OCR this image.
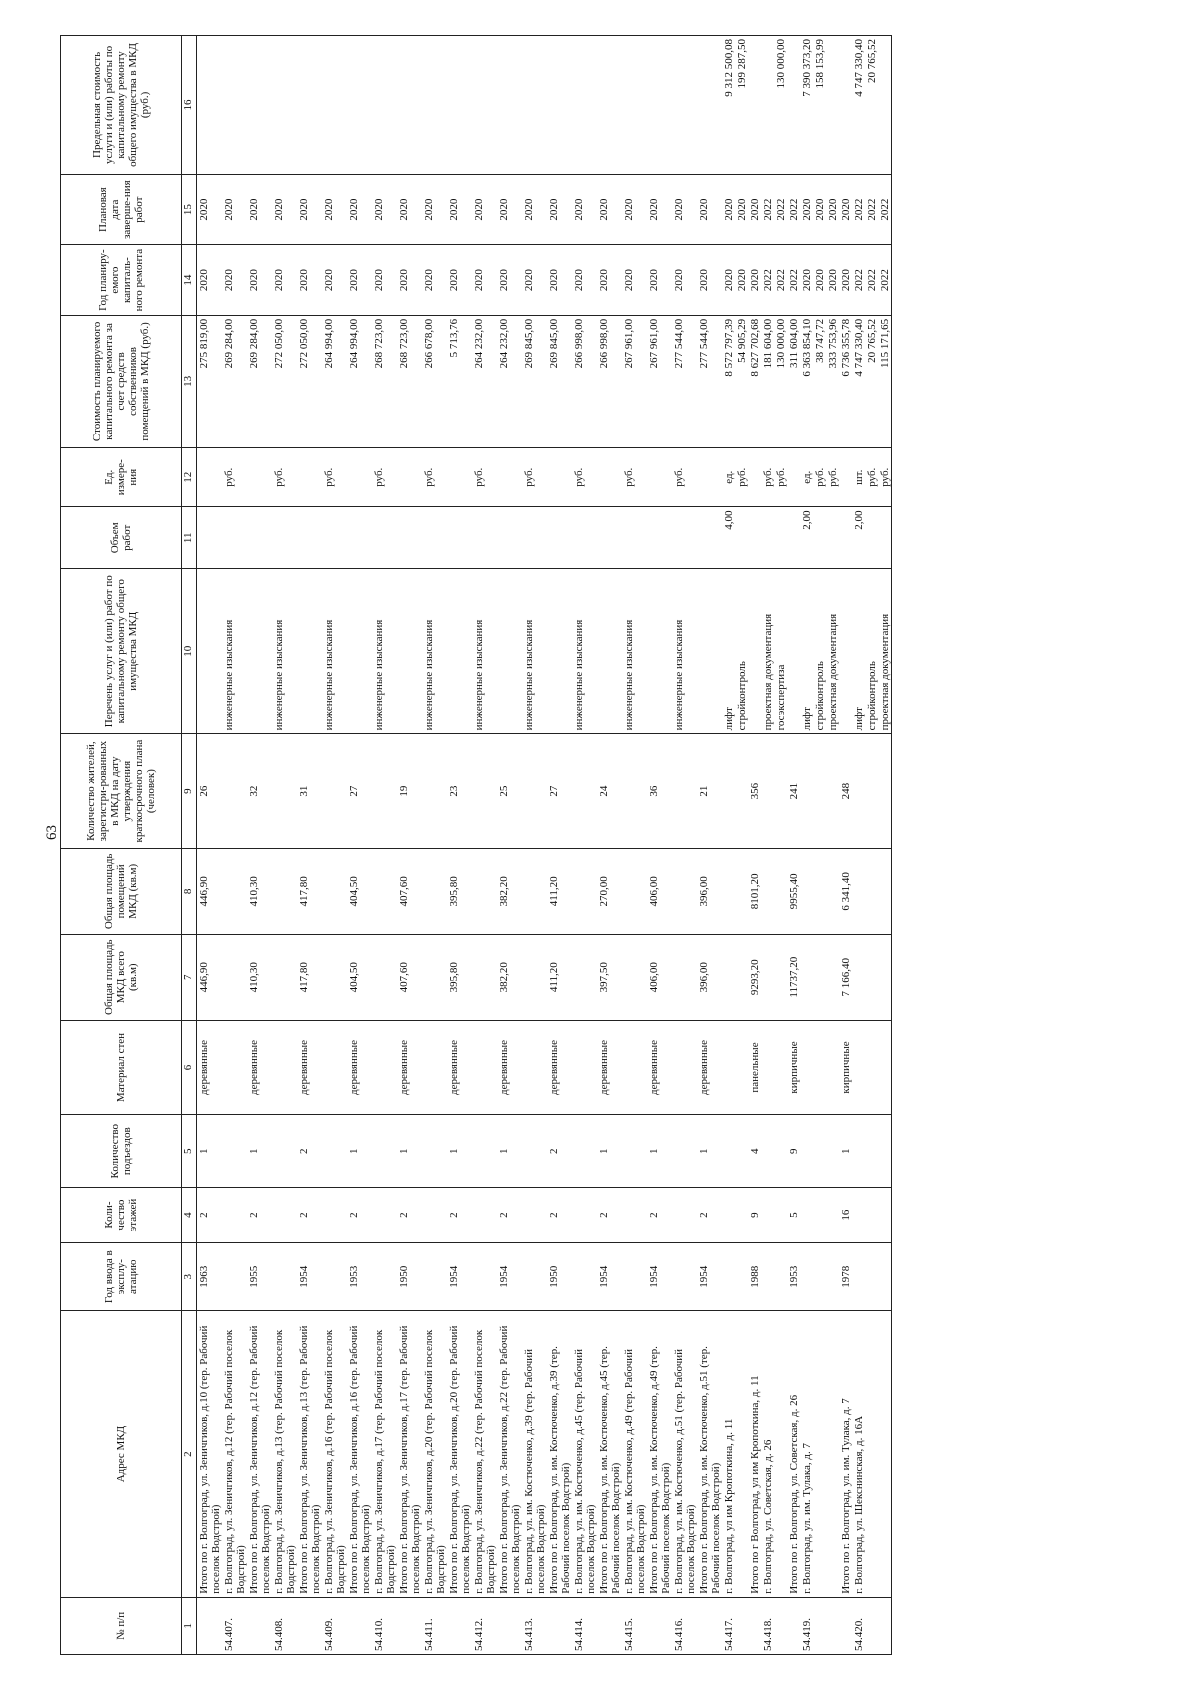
63
№ п/п	Адрес МКД	Год ввода в эксплу-атацию	Коли-чество этажей	Количество подъездов	Материал стен	Общая площадь МКД всего (кв.м)	Общая площадь помещений МКД (кв.м)	Количество жителей, зарегистри-рованных в МКД на дату утверждения краткосрочного плана (человек)	Перечень услуг и (или) работ по капитальному ремонту общего имущества МКД	Объем работ	Ед. измере-ния	Стоимость планируемого капитального ремонта за счет средств собственников помещений в МКД (руб.)	Год планиру-емого капиталь-ного ремонта	Плановая дата заверше-ния работ	Предельная стоимость услуги и (или) работы по капитальному ремонту общего имущества в МКД (руб.)
1	2	3	4	5	6	7	8	9	10	11	12	13	14	15	16
	Итого по г. Волгоград, ул. Зеничгиков, д.10 (тер. Рабочий поселок Водстрой)	1963	2	1	деревянные	446,90	446,90	26				275 819,00	2020	2020	
54.407.	г. Волгоград, ул. Зеничгиков, д.12 (тер. Рабочий поселок Водстрой)								инженерные изыскания		руб.	269 284,00	2020	2020	
	Итого по г. Волгоград, ул. Зеничгиков, д.12 (тер. Рабочий поселок Водстрой)	1955	2	1	деревянные	410,30	410,30	32				269 284,00	2020	2020	
54.408.	г. Волгоград, ул. Зеничгиков, д.13 (тер. Рабочий поселок Водстрой)								инженерные изыскания		руб.	272 050,00	2020	2020	
	Итого по г. Волгоград, ул. Зеничгиков, д.13 (тер. Рабочий поселок Водстрой)	1954	2	2	деревянные	417,80	417,80	31				272 050,00	2020	2020	
54.409.	г. Волгоград, ул. Зеничгиков, д.16 (тер. Рабочий поселок Водстрой)								инженерные изыскания		руб.	264 994,00	2020	2020	
	Итого по г. Волгоград, ул. Зеничгиков, д.16 (тер. Рабочий поселок Водстрой)	1953	2	1	деревянные	404,50	404,50	27				264 994,00	2020	2020	
54.410.	г. Волгоград, ул. Зеничгиков, д.17 (тер. Рабочий поселок Водстрой)								инженерные изыскания		руб.	268 723,00	2020	2020	
	Итого по г. Волгоград, ул. Зеничгиков, д.17 (тер. Рабочий поселок Водстрой)	1950	2	1	деревянные	407,60	407,60	19				268 723,00	2020	2020	
54.411.	г. Волгоград, ул. Зеничгиков, д.20 (тер. Рабочий поселок Водстрой)								инженерные изыскания		руб.	266 678,00	2020	2020	
	Итого по г. Волгоград, ул. Зеничгиков, д.20 (тер. Рабочий поселок Водстрой)	1954	2	1	деревянные	395,80	395,80	23				5 713,76	2020	2020	
54.412.	г. Волгоград, ул. Зеничгиков, д.22 (тер. Рабочий поселок Водстрой)								инженерные изыскания		руб.	264 232,00	2020	2020	
	Итого по г. Волгоград, ул. Зеничгиков, д.22 (тер. Рабочий поселок Водстрой)	1954	2	1	деревянные	382,20	382,20	25				264 232,00	2020	2020	
54.413.	г. Волгоград, ул. им. Костюченко, д.39 (тер. Рабочий поселок Водстрой)								инженерные изыскания		руб.	269 845,00	2020	2020	
	Итого по г. Волгоград, ул. им. Костюченко, д.39 (тер. Рабочий поселок Водстрой)	1950	2	2	деревянные	411,20	411,20	27				269 845,00	2020	2020	
54.414.	г. Волгоград, ул. им. Костюченко, д.45 (тер. Рабочий поселок Водстрой)								инженерные изыскания		руб.	266 998,00	2020	2020	
	Итого по г. Волгоград, ул. им. Костюченко, д.45 (тер. Рабочий поселок Водстрой)	1954	2	1	деревянные	397,50	270,00	24				266 998,00	2020	2020	
54.415.	г. Волгоград, ул. им. Костюченко, д.49 (тер. Рабочий поселок Водстрой)								инженерные изыскания		руб.	267 961,00	2020	2020	
	Итого по г. Волгоград, ул. им. Костюченко, д.49 (тер. Рабочий поселок Водстрой)	1954	2	1	деревянные	406,00	406,00	36				267 961,00	2020	2020	
54.416.	г. Волгоград, ул. им. Костюченко, д.51 (тер. Рабочий поселок Водстрой)								инженерные изыскания		руб.	277 544,00	2020	2020	
	Итого по г. Волгоград, ул. им. Костюченко, д.51 (тер. Рабочий поселок Водстрой)	1954	2	1	деревянные	396,00	396,00	21				277 544,00	2020	2020	
54.417.	г. Волгоград, ул им Кропоткина, д. 11								лифт	4,00	ед.	8 572 797,39	2020	2020	9 312 500,08
									стройконтроль		руб.	54 905,29	2020	2020	199 287,50
	Итого по г Волгоград, ул им Кропоткина, д. 11	1988	9	4	панельные	9293,20	8101,20	356				8 627 702,68	2020	2020	
54.418.	г. Волгоград, ул. Советская, д. 26								проектная документация		руб.	181 604,00	2022	2022	
									госэкспертиза		руб.	130 000,00	2022	2022	130 000,00
	Итого по г. Волгоград, ул. Советская, д. 26	1953	5	9	кирпичные	11737,20	9955,40	241				311 604,00	2022	2022	
54.419.	г. Волгоград, ул. им. Тулака, д. 7								лифт	2,00	ед.	6 363 854,10	2020	2020	7 390 373,20
									стройконтроль		руб.	38 747,72	2020	2020	158 153,99
									проектная документация		руб.	333 753,96	2020	2020	
	Итого по г. Волгоград, ул. им. Тулака, д. 7	1978	16	1	кирпичные	7 166,40	6 341,40	248				6 736 355,78	2020	2020	
54.420.	г. Волгоград, ул. Шекснинская, д. 16А								лифт	2,00	шт.	4 747 330,40	2022	2022	4 747 330,40
									стройконтроль		руб.	20 765,52	2022	2022	20 765,52
									проектная документация		руб.	115 171,65	2022	2022	
